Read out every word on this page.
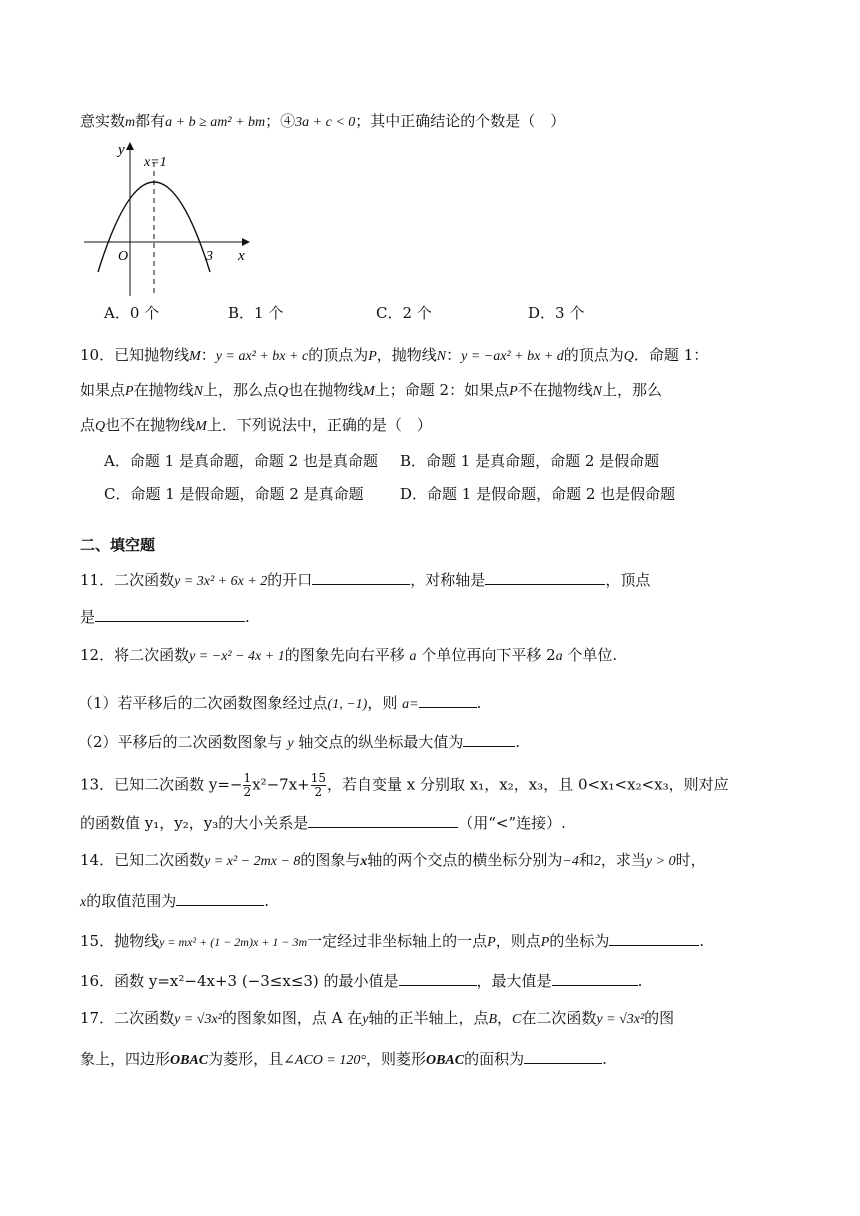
意实数m都有a + b ≥ am² + bm；④3a + c < 0；其中正确结论的个数是（　）
y
x=1
O	3 x
A．0 个	B．1 个	C．2 个	D．3 个
10．已知抛物线M：y = ax² + bx + c的顶点为P，抛物线N：y = −ax² + bx + d的顶点为Q．命题 1：
如果点P在抛物线N上，那么点Q也在抛物线M上；命题 2：如果点P不在抛物线N上，那么
点Q也不在抛物线M上．下列说法中，正确的是（　）
A．命题 1 是真命题，命题 2 也是真命题 B．命题 1 是真命题，命题 2 是假命题
C．命题 1 是假命题，命题 2 是真命题 D．命题 1 是假命题，命题 2 也是假命题
二、填空题
11．二次函数y = 3x² + 6x + 2的开口	，对称轴是	，顶点
是	.
12．将二次函数y = −x² − 4x + 1的图象先向右平移 a 个单位再向下平移 2a 个单位.
（1）若平移后的二次函数图象经过点(1, −1)，则 a=	.
（2）平移后的二次函数图象与 y 轴交点的纵坐标最大值为	.
13．已知二次函数 $y=- \frac{1}{2} x^2-7x+ \frac{15}{2}$ ，若自变量 x 分别取 x₁，x₂，x₃，且 0<x₁<x₂<x₃，则对应
的函数值 y₁，y₂，y₃的大小关系是	（用“<”连接）.
14．已知二次函数y = x² − 2mx − 8的图象与x轴的两个交点的横坐标分别为−4和2，求当y > 0时，
x的取值范围为	.
15．抛物线y = mx² + (1 − 2m)x + 1 − 3m一定经过非坐标轴上的一点P，则点P的坐标为	.
16．函数 y=x²−4x+3 (−3≤x≤3) 的最小值是	，最大值是	.
17．二次函数y = √3x²的图象如图，点 A 在y轴的正半轴上，点B，C在二次函数y = √3x²的图
象上，四边形OBAC为菱形，且∠ACO = 120°，则菱形OBAC的面积为	.
